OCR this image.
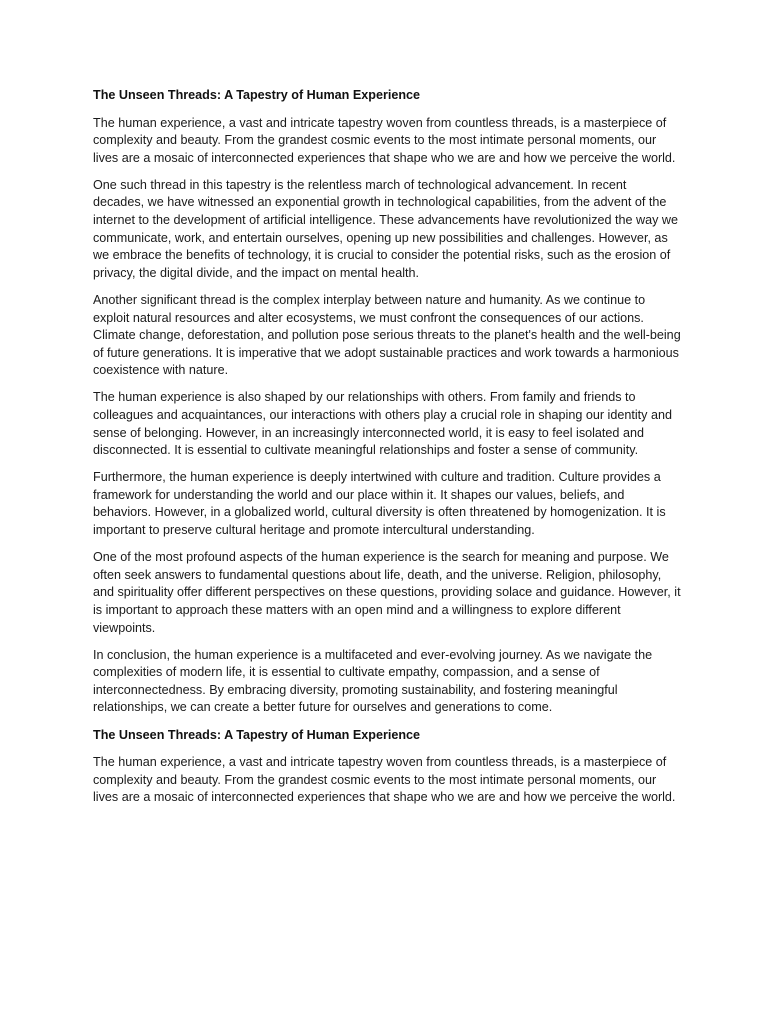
The Unseen Threads: A Tapestry of Human Experience

The human experience, a vast and intricate tapestry woven from countless threads, is a masterpiece of complexity and beauty. From the grandest cosmic events to the most intimate personal moments, our lives are a mosaic of interconnected experiences that shape who we are and how we perceive the world.

One such thread in this tapestry is the relentless march of technological advancement. In recent decades, we have witnessed an exponential growth in technological capabilities, from the advent of the internet to the development of artificial intelligence. These advancements have revolutionized the way we communicate, work, and entertain ourselves, opening up new possibilities and challenges. However, as we embrace the benefits of technology, it is crucial to consider the potential risks, such as the erosion of privacy, the digital divide, and the impact on mental health.

Another significant thread is the complex interplay between nature and humanity. As we continue to exploit natural resources and alter ecosystems, we must confront the consequences of our actions. Climate change, deforestation, and pollution pose serious threats to the planet's health and the well-being of future generations. It is imperative that we adopt sustainable practices and work towards a harmonious coexistence with nature.

The human experience is also shaped by our relationships with others. From family and friends to colleagues and acquaintances, our interactions with others play a crucial role in shaping our identity and sense of belonging. However, in an increasingly interconnected world, it is easy to feel isolated and disconnected. It is essential to cultivate meaningful relationships and foster a sense of community.

Furthermore, the human experience is deeply intertwined with culture and tradition. Culture provides a framework for understanding the world and our place within it. It shapes our values, beliefs, and behaviors. However, in a globalized world, cultural diversity is often threatened by homogenization. It is important to preserve cultural heritage and promote intercultural understanding.

One of the most profound aspects of the human experience is the search for meaning and purpose. We often seek answers to fundamental questions about life, death, and the universe. Religion, philosophy, and spirituality offer different perspectives on these questions, providing solace and guidance. However, it is important to approach these matters with an open mind and a willingness to explore different viewpoints.

In conclusion, the human experience is a multifaceted and ever-evolving journey. As we navigate the complexities of modern life, it is essential to cultivate empathy, compassion, and a sense of interconnectedness. By embracing diversity, promoting sustainability, and fostering meaningful relationships, we can create a better future for ourselves and generations to come.

The Unseen Threads: A Tapestry of Human Experience

The human experience, a vast and intricate tapestry woven from countless threads, is a masterpiece of complexity and beauty. From the grandest cosmic events to the most intimate personal moments, our lives are a mosaic of interconnected experiences that shape who we are and how we perceive the world.
